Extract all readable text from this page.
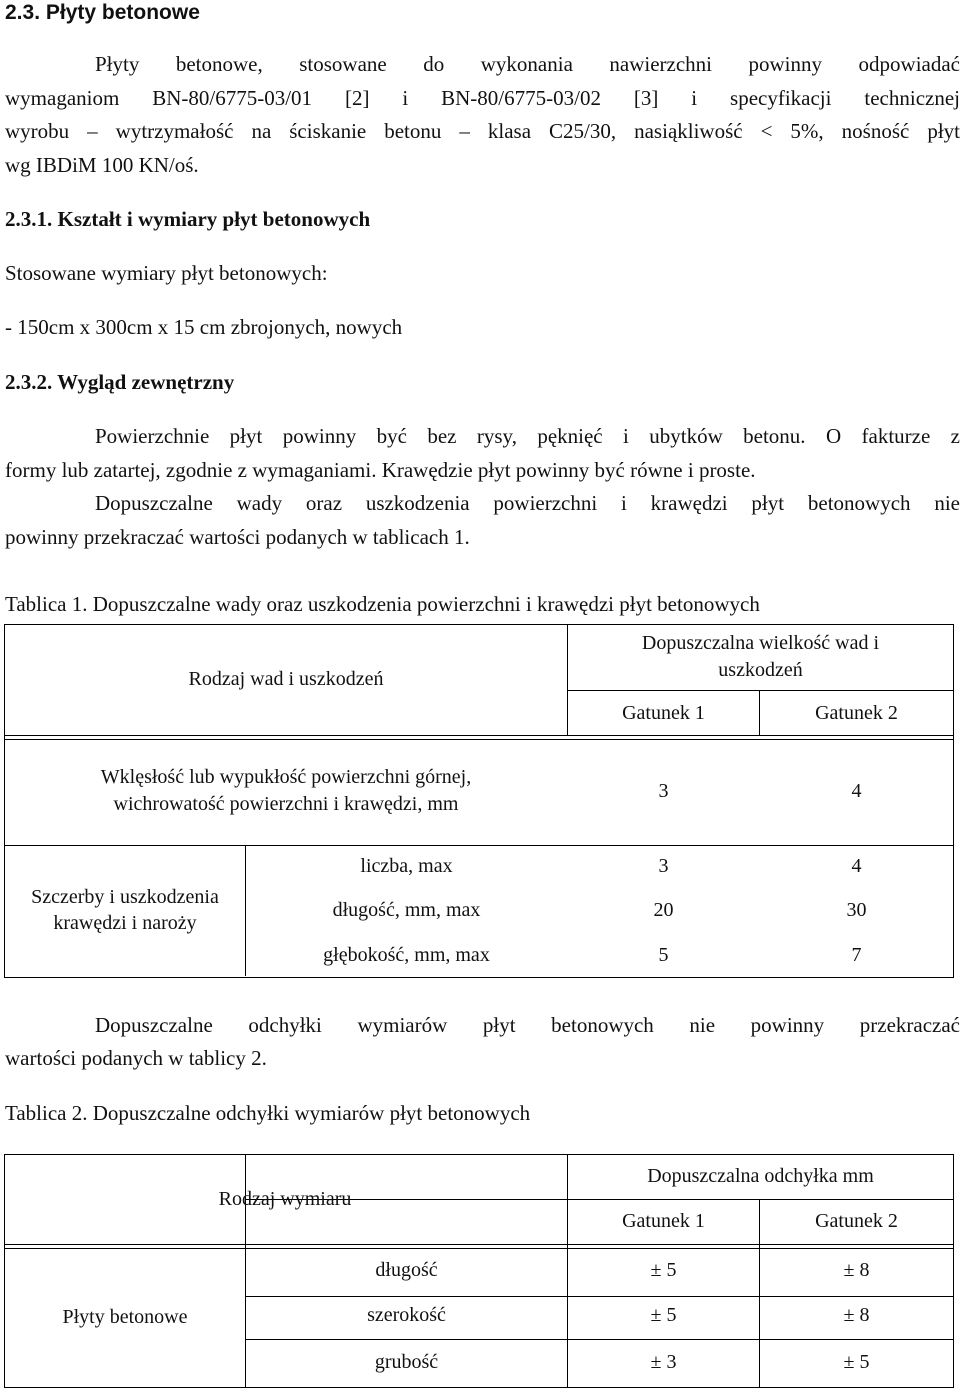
2.3. Płyty betonowe
Płyty betonowe, stosowane do wykonania nawierzchni powinny odpowiadać
wymaganiom BN-80/6775-03/01 [2] i BN-80/6775-03/02 [3] i specyfikacji technicznej
wyrobu – wytrzymałość na ściskanie betonu – klasa C25/30, nasiąkliwość < 5%, nośność płyt
wg IBDiM 100 KN/oś.
2.3.1. Kształt i wymiary płyt betonowych
Stosowane wymiary płyt betonowych:
- 150cm x 300cm x 15 cm zbrojonych, nowych
2.3.2. Wygląd zewnętrzny
Powierzchnie płyt powinny być bez rysy, pęknięć i ubytków betonu. O fakturze z
formy lub zatartej, zgodnie z wymaganiami. Krawędzie płyt powinny być równe i proste.
Dopuszczalne wady oraz uszkodzenia powierzchni i krawędzi płyt betonowych nie
powinny przekraczać wartości podanych w tablicach 1.
Tablica 1. Dopuszczalne wady oraz uszkodzenia powierzchni i krawędzi płyt betonowych
Rodzaj wad i uszkodzeń
Dopuszczalna wielkość wad i
uszkodzeń
Gatunek 1	Gatunek 2
Wklęsłość lub wypukłość powierzchni górnej,
wichrowatość powierzchni i krawędzi, mm
3	4
Szczerby i uszkodzenia
krawędzi i naroży
liczba, max	3	4
długość, mm, max	20	30
głębokość, mm, max	5	7
Dopuszczalne odchyłki wymiarów płyt betonowych nie powinny przekraczać
wartości podanych w tablicy 2.
Tablica 2. Dopuszczalne odchyłki wymiarów płyt betonowych
Rodzaj wymiaru
Dopuszczalna odchyłka mm
Gatunek 1	Gatunek 2
Płyty betonowe
długość	± 5	± 8
szerokość	± 5	± 8
grubość	± 3	± 5
